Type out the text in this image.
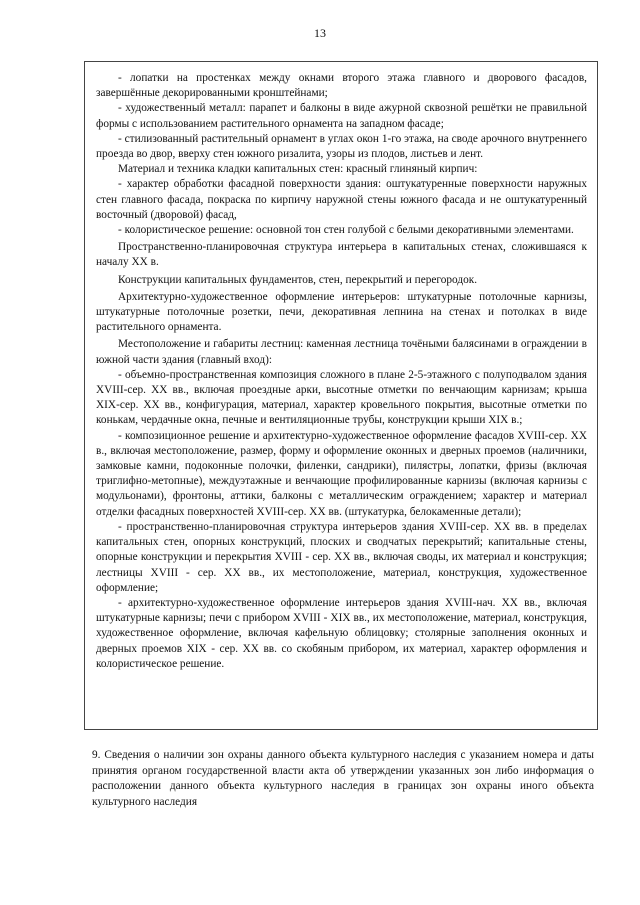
13

- лопатки на простенках между окнами второго этажа главного и дворового фасадов, завершённые декорированными кронштейнами;

- художественный металл: парапет и балконы в виде ажурной сквозной решётки не правильной формы с использованием растительного орнамента на западном фасаде;

- стилизованный растительный орнамент в углах окон 1-го этажа, на своде арочного внутреннего проезда во двор, вверху стен южного ризалита, узоры из плодов, листьев и лент.

Материал и техника кладки капитальных стен: красный глиняный кирпич:

- характер обработки фасадной поверхности здания: оштукатуренные поверхности наружных стен главного фасада, покраска по кирпичу наружной стены южного фасада и не оштукатуренный восточный (дворовой) фасад,

- колористическое решение: основной тон стен голубой с белыми декоративными элементами.

Пространственно-планировочная структура интерьера в капитальных стенах, сложившаяся к началу XX в.

Конструкции капитальных фундаментов, стен, перекрытий и перегородок.

Архитектурно-художественное оформление интерьеров: штукатурные потолочные карнизы, штукатурные потолочные розетки, печи, декоративная лепнина на стенах и потолках в виде растительного орнамента.

Местоположение и габариты лестниц: каменная лестница точёными балясинами в ограждении в южной части здания (главный вход):

- объемно-пространственная композиция сложного в плане 2-5-этажного с полуподвалом здания XVIII-сер. XX вв., включая проездные арки, высотные отметки по венчающим карнизам; крыша XIX-сер. XX вв., конфигурация, материал, характер кровельного покрытия, высотные отметки по конькам, чердачные окна, печные и вентиляционные трубы, конструкции крыши XIX в.;

- композиционное решение и архитектурно-художественное оформление фасадов XVIII-сер. XX в., включая местоположение, размер, форму и оформление оконных и дверных проемов (наличники, замковые камни, подоконные полочки, филенки, сандрики), пилястры, лопатки, фризы (включая триглифно-метопные), междуэтажные и венчающие профилированные карнизы (включая карнизы с модульонами), фронтоны, аттики, балконы с металлическим ограждением; характер и материал отделки фасадных поверхностей XVIII-сер. XX вв. (штукатурка, белокаменные детали);

- пространственно-планировочная структура интерьеров здания XVIII-сер. XX вв. в пределах капитальных стен, опорных конструкций, плоских и сводчатых перекрытий; капитальные стены, опорные конструкции и перекрытия XVIII - сер. XX вв., включая своды, их материал и конструкция; лестницы XVIII - сер. XX вв., их местоположение, материал, конструкция, художественное оформление;

- архитектурно-художественное оформление интерьеров здания XVIII-нач. XX вв., включая штукатурные карнизы; печи с прибором XVIII - XIX вв., их местоположение, материал, конструкция, художественное оформление, включая кафельную облицовку; столярные заполнения оконных и дверных проемов XIX - сер. XX вв. со скобяным прибором, их материал, характер оформления и колористическое решение.

9. Сведения о наличии зон охраны данного объекта культурного наследия с указанием номера и даты принятия органом государственной власти акта об утверждении указанных зон либо информация о расположении данного объекта культурного наследия в границах зон охраны иного объекта культурного наследия
